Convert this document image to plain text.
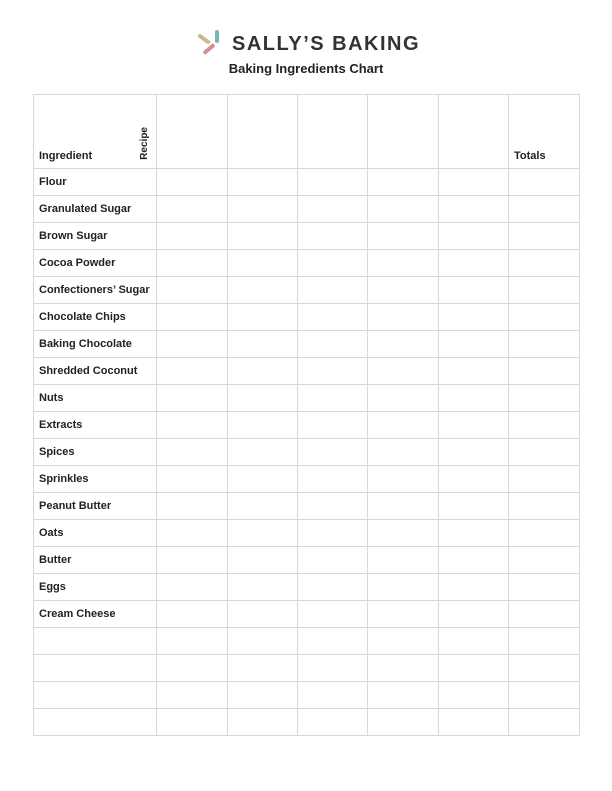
SALLY’S BAKING
Baking Ingredients Chart
Ingredient Recipe						Totals
Flour						
Granulated Sugar						
Brown Sugar						
Cocoa Powder						
Confectioners’ Sugar						
Chocolate Chips						
Baking Chocolate						
Shredded Coconut						
Nuts						
Extracts						
Spices						
Sprinkles						
Peanut Butter						
Oats						
Butter						
Eggs						
Cream Cheese						
